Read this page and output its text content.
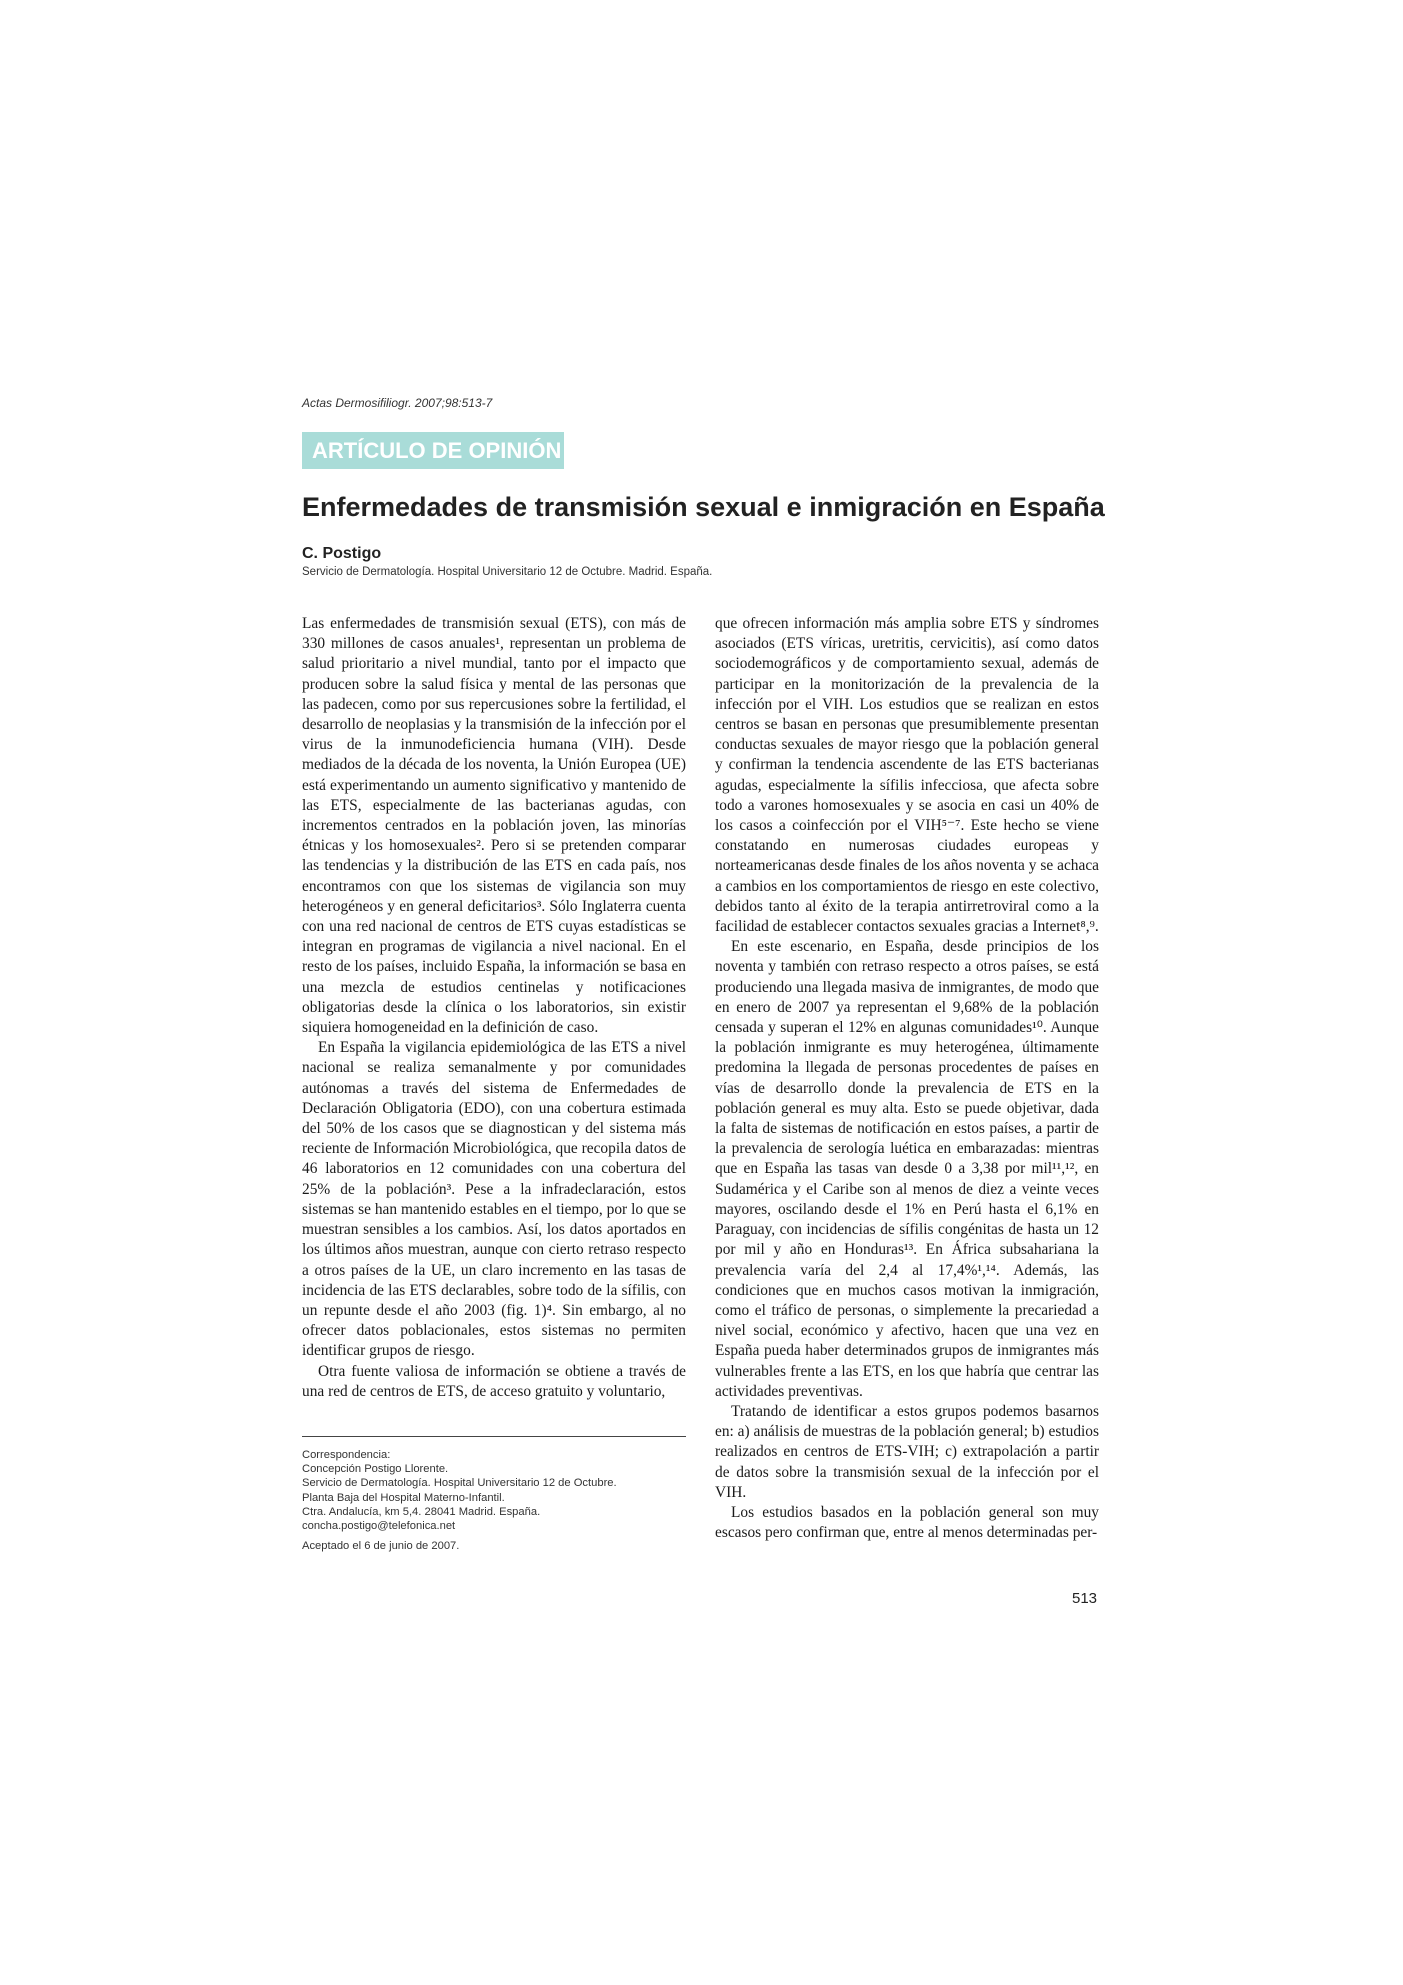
Actas Dermosifiliogr. 2007;98:513-7
ARTÍCULO DE OPINIÓN
Enfermedades de transmisión sexual e inmigración en España
C. Postigo
Servicio de Dermatología. Hospital Universitario 12 de Octubre. Madrid. España.

Las enfermedades de transmisión sexual (ETS), con más de 330 millones de casos anuales¹, representan un problema de salud prioritario a nivel mundial, tanto por el impacto que producen sobre la salud física y mental de las personas que las padecen, como por sus repercusiones sobre la fertilidad, el desarrollo de neoplasias y la transmisión de la infección por el virus de la inmunodeficiencia humana (VIH). Desde mediados de la década de los noventa, la Unión Europea (UE) está experimentando un aumento significativo y mantenido de las ETS, especialmente de las bacterianas agudas, con incrementos centrados en la población joven, las minorías étnicas y los homosexuales². Pero si se pretenden comparar las tendencias y la distribución de las ETS en cada país, nos encontramos con que los sistemas de vigilancia son muy heterogéneos y en general deficitarios³. Sólo Inglaterra cuenta con una red nacional de centros de ETS cuyas estadísticas se integran en programas de vigilancia a nivel nacional. En el resto de los países, incluido España, la información se basa en una mezcla de estudios centinelas y notificaciones obligatorias desde la clínica o los laboratorios, sin existir siquiera homogeneidad en la definición de caso.

En España la vigilancia epidemiológica de las ETS a nivel nacional se realiza semanalmente y por comunidades autónomas a través del sistema de Enfermedades de Declaración Obligatoria (EDO), con una cobertura estimada del 50% de los casos que se diagnostican y del sistema más reciente de Información Microbiológica, que recopila datos de 46 laboratorios en 12 comunidades con una cobertura del 25% de la población³. Pese a la infradeclaración, estos sistemas se han mantenido estables en el tiempo, por lo que se muestran sensibles a los cambios. Así, los datos aportados en los últimos años muestran, aunque con cierto retraso respecto a otros países de la UE, un claro incremento en las tasas de incidencia de las ETS declarables, sobre todo de la sífilis, con un repunte desde el año 2003 (fig. 1)⁴. Sin embargo, al no ofrecer datos poblacionales, estos sistemas no permiten identificar grupos de riesgo.

Otra fuente valiosa de información se obtiene a través de una red de centros de ETS, de acceso gratuito y voluntario,

que ofrecen información más amplia sobre ETS y síndromes asociados (ETS víricas, uretritis, cervicitis), así como datos sociodemográficos y de comportamiento sexual, además de participar en la monitorización de la prevalencia de la infección por el VIH. Los estudios que se realizan en estos centros se basan en personas que presumiblemente presentan conductas sexuales de mayor riesgo que la población general y confirman la tendencia ascendente de las ETS bacterianas agudas, especialmente la sífilis infecciosa, que afecta sobre todo a varones homosexuales y se asocia en casi un 40% de los casos a coinfección por el VIH⁵⁻⁷. Este hecho se viene constatando en numerosas ciudades europeas y norteamericanas desde finales de los años noventa y se achaca a cambios en los comportamientos de riesgo en este colectivo, debidos tanto al éxito de la terapia antirretroviral como a la facilidad de establecer contactos sexuales gracias a Internet⁸,⁹.

En este escenario, en España, desde principios de los noventa y también con retraso respecto a otros países, se está produciendo una llegada masiva de inmigrantes, de modo que en enero de 2007 ya representan el 9,68% de la población censada y superan el 12% en algunas comunidades¹⁰. Aunque la población inmigrante es muy heterogénea, últimamente predomina la llegada de personas procedentes de países en vías de desarrollo donde la prevalencia de ETS en la población general es muy alta. Esto se puede objetivar, dada la falta de sistemas de notificación en estos países, a partir de la prevalencia de serología luética en embarazadas: mientras que en España las tasas van desde 0 a 3,38 por mil¹¹,¹², en Sudamérica y el Caribe son al menos de diez a veinte veces mayores, oscilando desde el 1% en Perú hasta el 6,1% en Paraguay, con incidencias de sífilis congénitas de hasta un 12 por mil y año en Honduras¹³. En África subsahariana la prevalencia varía del 2,4 al 17,4%¹,¹⁴. Además, las condiciones que en muchos casos motivan la inmigración, como el tráfico de personas, o simplemente la precariedad a nivel social, económico y afectivo, hacen que una vez en España pueda haber determinados grupos de inmigrantes más vulnerables frente a las ETS, en los que habría que centrar las actividades preventivas.

Tratando de identificar a estos grupos podemos basarnos en: a) análisis de muestras de la población general; b) estudios realizados en centros de ETS-VIH; c) extrapolación a partir de datos sobre la transmisión sexual de la infección por el VIH.

Los estudios basados en la población general son muy escasos pero confirman que, entre al menos determinadas per-

Correspondencia:
Concepción Postigo Llorente.
Servicio de Dermatología. Hospital Universitario 12 de Octubre.
Planta Baja del Hospital Materno-Infantil.
Ctra. Andalucía, km 5,4. 28041 Madrid. España.
concha.postigo@telefonica.net
Aceptado el 6 de junio de 2007.
513
